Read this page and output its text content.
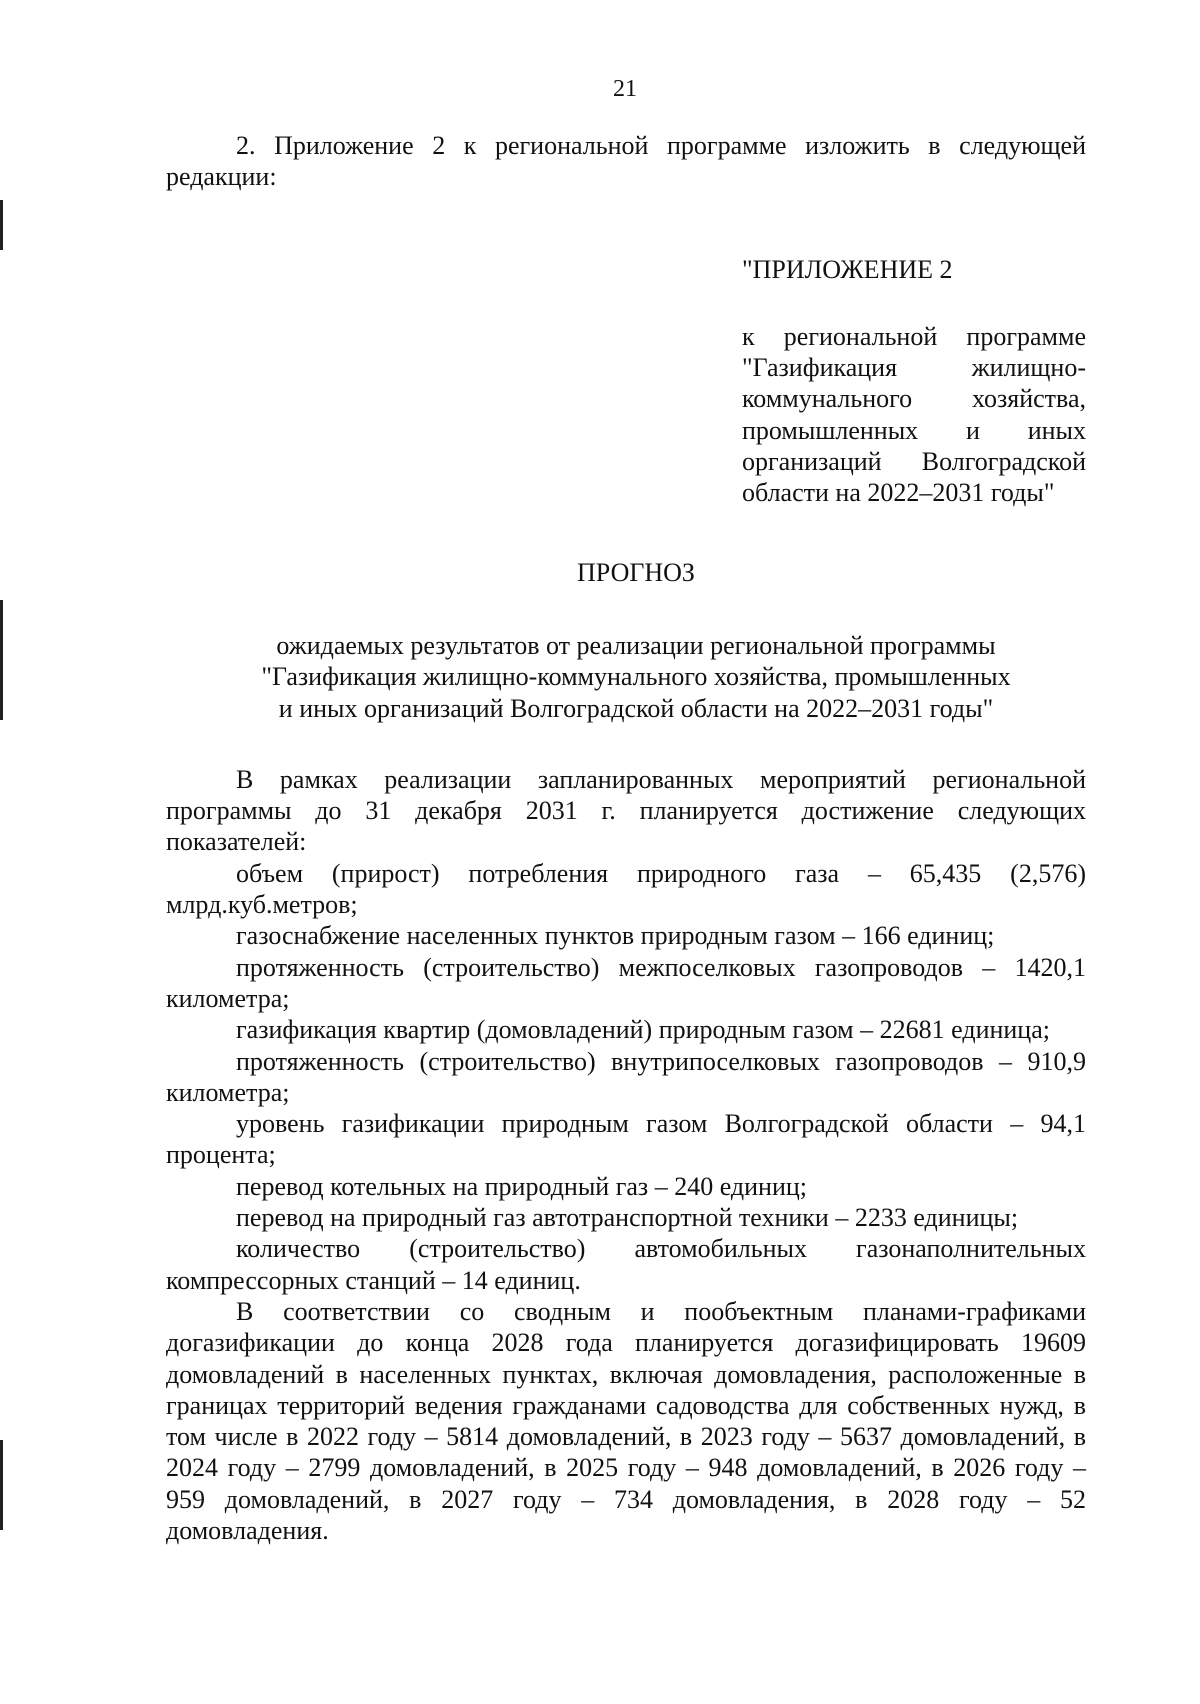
21

2. Приложение 2 к региональной программе изложить в следующей редакции:

"ПРИЛОЖЕНИЕ 2

к региональной программе "Газификация жилищно-коммунального хозяйства, промышленных и иных организаций Волгоградской области на 2022–2031 годы"

ПРОГНОЗ

ожидаемых результатов от реализации региональной программы
"Газификация жилищно-коммунального хозяйства, промышленных
и иных организаций Волгоградской области на 2022–2031 годы"

В рамках реализации запланированных мероприятий региональной программы до 31 декабря 2031 г. планируется достижение следующих показателей:

объем (прирост) потребления природного газа – 65,435 (2,576) млрд.куб.метров;

газоснабжение населенных пунктов природным газом – 166 единиц;

протяженность (строительство) межпоселковых газопроводов – 1420,1 километра;

газификация квартир (домовладений) природным газом – 22681 единица;

протяженность (строительство) внутрипоселковых газопроводов – 910,9 километра;

уровень газификации природным газом Волгоградской области – 94,1 процента;

перевод котельных на природный газ – 240 единиц;

перевод на природный газ автотранспортной техники – 2233 единицы;

количество (строительство) автомобильных газонаполнительных компрессорных станций – 14 единиц.

В соответствии со сводным и пообъектным планами-графиками догазификации до конца 2028 года планируется догазифицировать 19609 домовладений в населенных пунктах, включая домовладения, расположенные в границах территорий ведения гражданами садоводства для собственных нужд, в том числе в 2022 году – 5814 домовладений, в 2023 году – 5637 домовладений, в 2024 году – 2799 домовладений, в 2025 году – 948 домовладений, в 2026 году – 959 домовладений, в 2027 году – 734 домовладения, в 2028 году – 52 домовладения.
